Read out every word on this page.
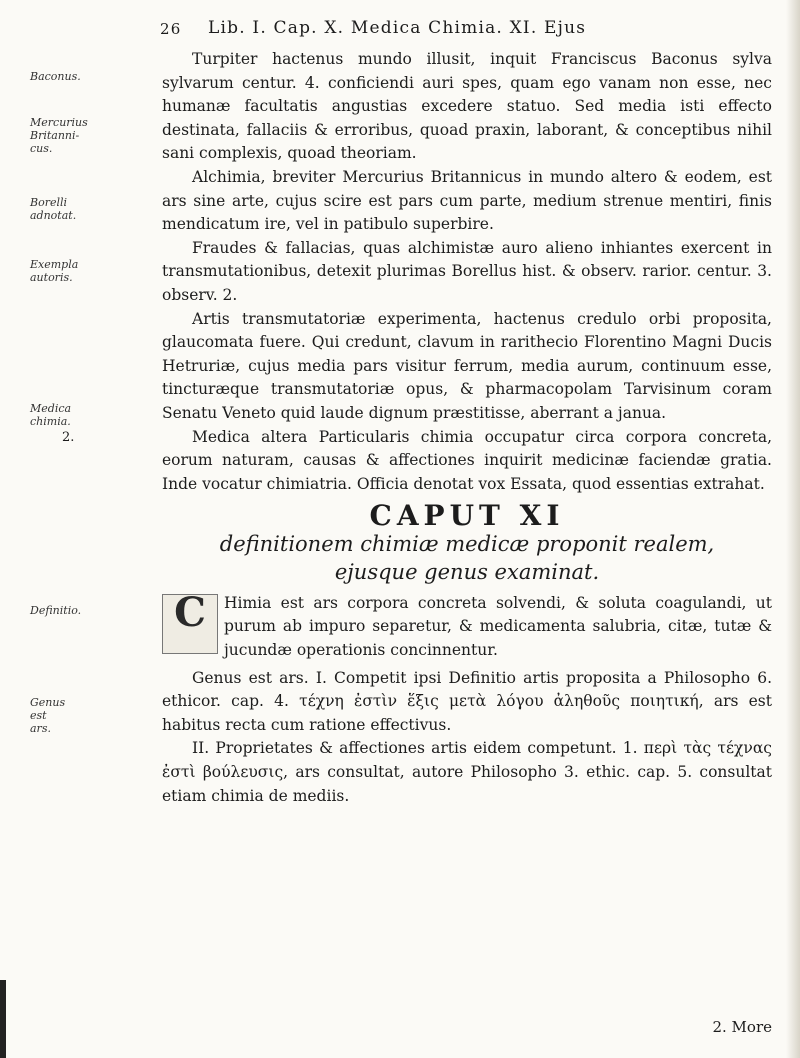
26 Lib. I. Cap. X. Medica Chimia. XI. Ejus
Baconus.
Mercurius Britanni-cus.
Borelli adnotat.
Exempla autoris.
Medica chimia.
Definitio.
Genus est ars.

Turpiter hactenus mundo illusit, inquit Franciscus Baconus sylva sylvarum centur. 4. conficiendi auri spes, quam ego vanam non esse, nec humanæ facultatis angustias excedere statuo. Sed media isti effecto destinata, fallaciis & erroribus, quoad praxin, laborant, & conceptibus nihil sani complexis, quoad theoriam.

Alchimia, breviter Mercurius Britannicus in mundo altero & eodem, est ars sine arte, cujus scire est pars cum parte, medium strenue mentiri, finis mendicatum ire, vel in patibulo superbire.

Fraudes & fallacias, quas alchimistæ auro alieno inhiantes exercent in transmutationibus, detexit plurimas Borellus hist. & observ. rarior. centur. 3. observ. 2.

Artis transmutatoriæ experimenta, hactenus credulo orbi proposita, glaucomata fuere. Qui credunt, clavum in rarithecio Florentino Magni Ducis Hetruriæ, cujus media pars visitur ferrum, media aurum, continuum esse, tincturæque transmutatoriæ opus, & pharmacopolam Tarvisinum coram Senatu Veneto quid laude dignum præstitisse, aberrant a janua.

2.	Medica altera Particularis chimia occupatur circa corpora concreta, eorum naturam, causas & affectiones inquirit medicinæ faciendæ gratia. Inde vocatur chimiatria. Officia denotat vox Essata, quod essentias extrahat.

CAPUT XI
definitionem chimiæ medicæ proponit realem,
ejusque genus examinat.
C	Himia est ars corpora concreta solvendi, & soluta coagulandi, ut purum ab impuro separetur, & medicamenta salubria, citæ, tutæ & jucundæ operationis concinnentur.

Genus est ars. I. Competit ipsi Definitio artis proposita a Philosopho 6. ethicor. cap. 4. τέχνη ἐστὶν ἕξις μετὰ λόγου ἀληθοῦς ποιητική, ars est habitus recta cum ratione effectivus.

II. Proprietates & affectiones artis eidem competunt. 1. περὶ τὰς τέχνας ἐστὶ βούλευσις, ars consultat, autore Philosopho 3. ethic. cap. 5. consultat etiam chimia de mediis.

2. More
